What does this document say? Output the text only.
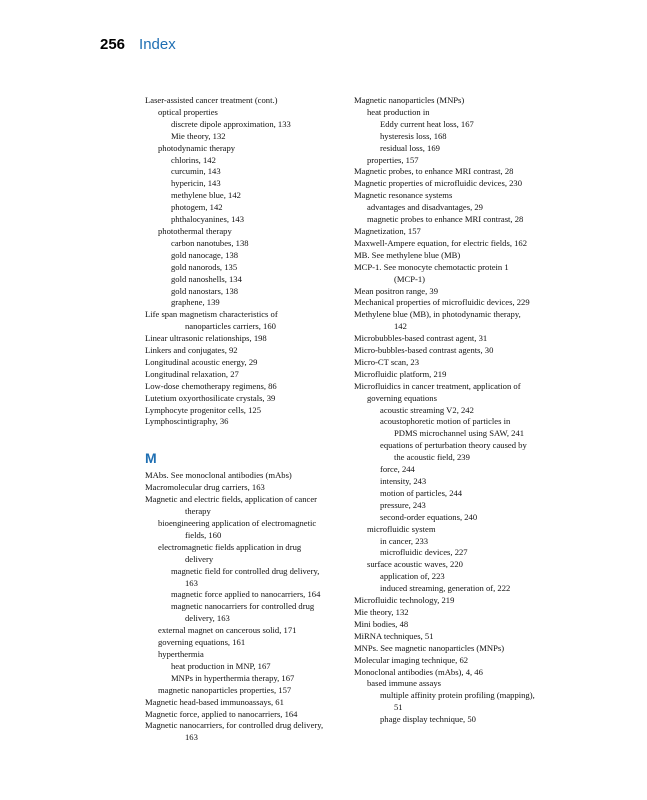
256 Index
Laser-assisted cancer treatment (cont.)
optical properties
discrete dipole approximation, 133
Mie theory, 132
photodynamic therapy
chlorins, 142
curcumin, 143
hypericin, 143
methylene blue, 142
photogem, 142
phthalocyanines, 143
photothermal therapy
carbon nanotubes, 138
gold nanocage, 138
gold nanorods, 135
gold nanoshells, 134
gold nanostars, 138
graphene, 139
Life span magnetism characteristics of
nanoparticles carriers, 160
Linear ultrasonic relationships, 198
Linkers and conjugates, 92
Longitudinal acoustic energy, 29
Longitudinal relaxation, 27
Low-dose chemotherapy regimens, 86
Lutetium oxyorthosilicate crystals, 39
Lymphocyte progenitor cells, 125
Lymphoscintigraphy, 36
M
MAbs. See monoclonal antibodies (mAbs)
Macromolecular drug carriers, 163
Magnetic and electric fields, application of cancer
therapy
bioengineering application of electromagnetic
fields, 160
electromagnetic fields application in drug
delivery
magnetic field for controlled drug delivery,
163
magnetic force applied to nanocarriers, 164
magnetic nanocarriers for controlled drug
delivery, 163
external magnet on cancerous solid, 171
governing equations, 161
hyperthermia
heat production in MNP, 167
MNPs in hyperthermia therapy, 167
magnetic nanoparticles properties, 157
Magnetic head-based immunoassays, 61
Magnetic force, applied to nanocarriers, 164
Magnetic nanocarriers, for controlled drug delivery,
163
Magnetic nanoparticles (MNPs)
heat production in
Eddy current heat loss, 167
hysteresis loss, 168
residual loss, 169
properties, 157
Magnetic probes, to enhance MRI contrast, 28
Magnetic properties of microfluidic devices, 230
Magnetic resonance systems
advantages and disadvantages, 29
magnetic probes to enhance MRI contrast, 28
Magnetization, 157
Maxwell-Ampere equation, for electric fields, 162
MB. See methylene blue (MB)
MCP-1. See monocyte chemotactic protein 1
(MCP-1)
Mean positron range, 39
Mechanical properties of microfluidic devices, 229
Methylene blue (MB), in photodynamic therapy,
142
Microbubbles-based contrast agent, 31
Micro-bubbles-based contrast agents, 30
Micro-CT scan, 23
Microfluidic platform, 219
Microfluidics in cancer treatment, application of
governing equations
acoustic streaming V2, 242
acoustophoretic motion of particles in
PDMS microchannel using SAW, 241
equations of perturbation theory caused by
the acoustic field, 239
force, 244
intensity, 243
motion of particles, 244
pressure, 243
second-order equations, 240
microfluidic system
in cancer, 233
microfluidic devices, 227
surface acoustic waves, 220
application of, 223
induced streaming, generation of, 222
Microfluidic technology, 219
Mie theory, 132
Mini bodies, 48
MiRNA techniques, 51
MNPs. See magnetic nanoparticles (MNPs)
Molecular imaging technique, 62
Monoclonal antibodies (mAbs), 4, 46
based immune assays
multiple affinity protein profiling (mapping),
51
phage display technique, 50
